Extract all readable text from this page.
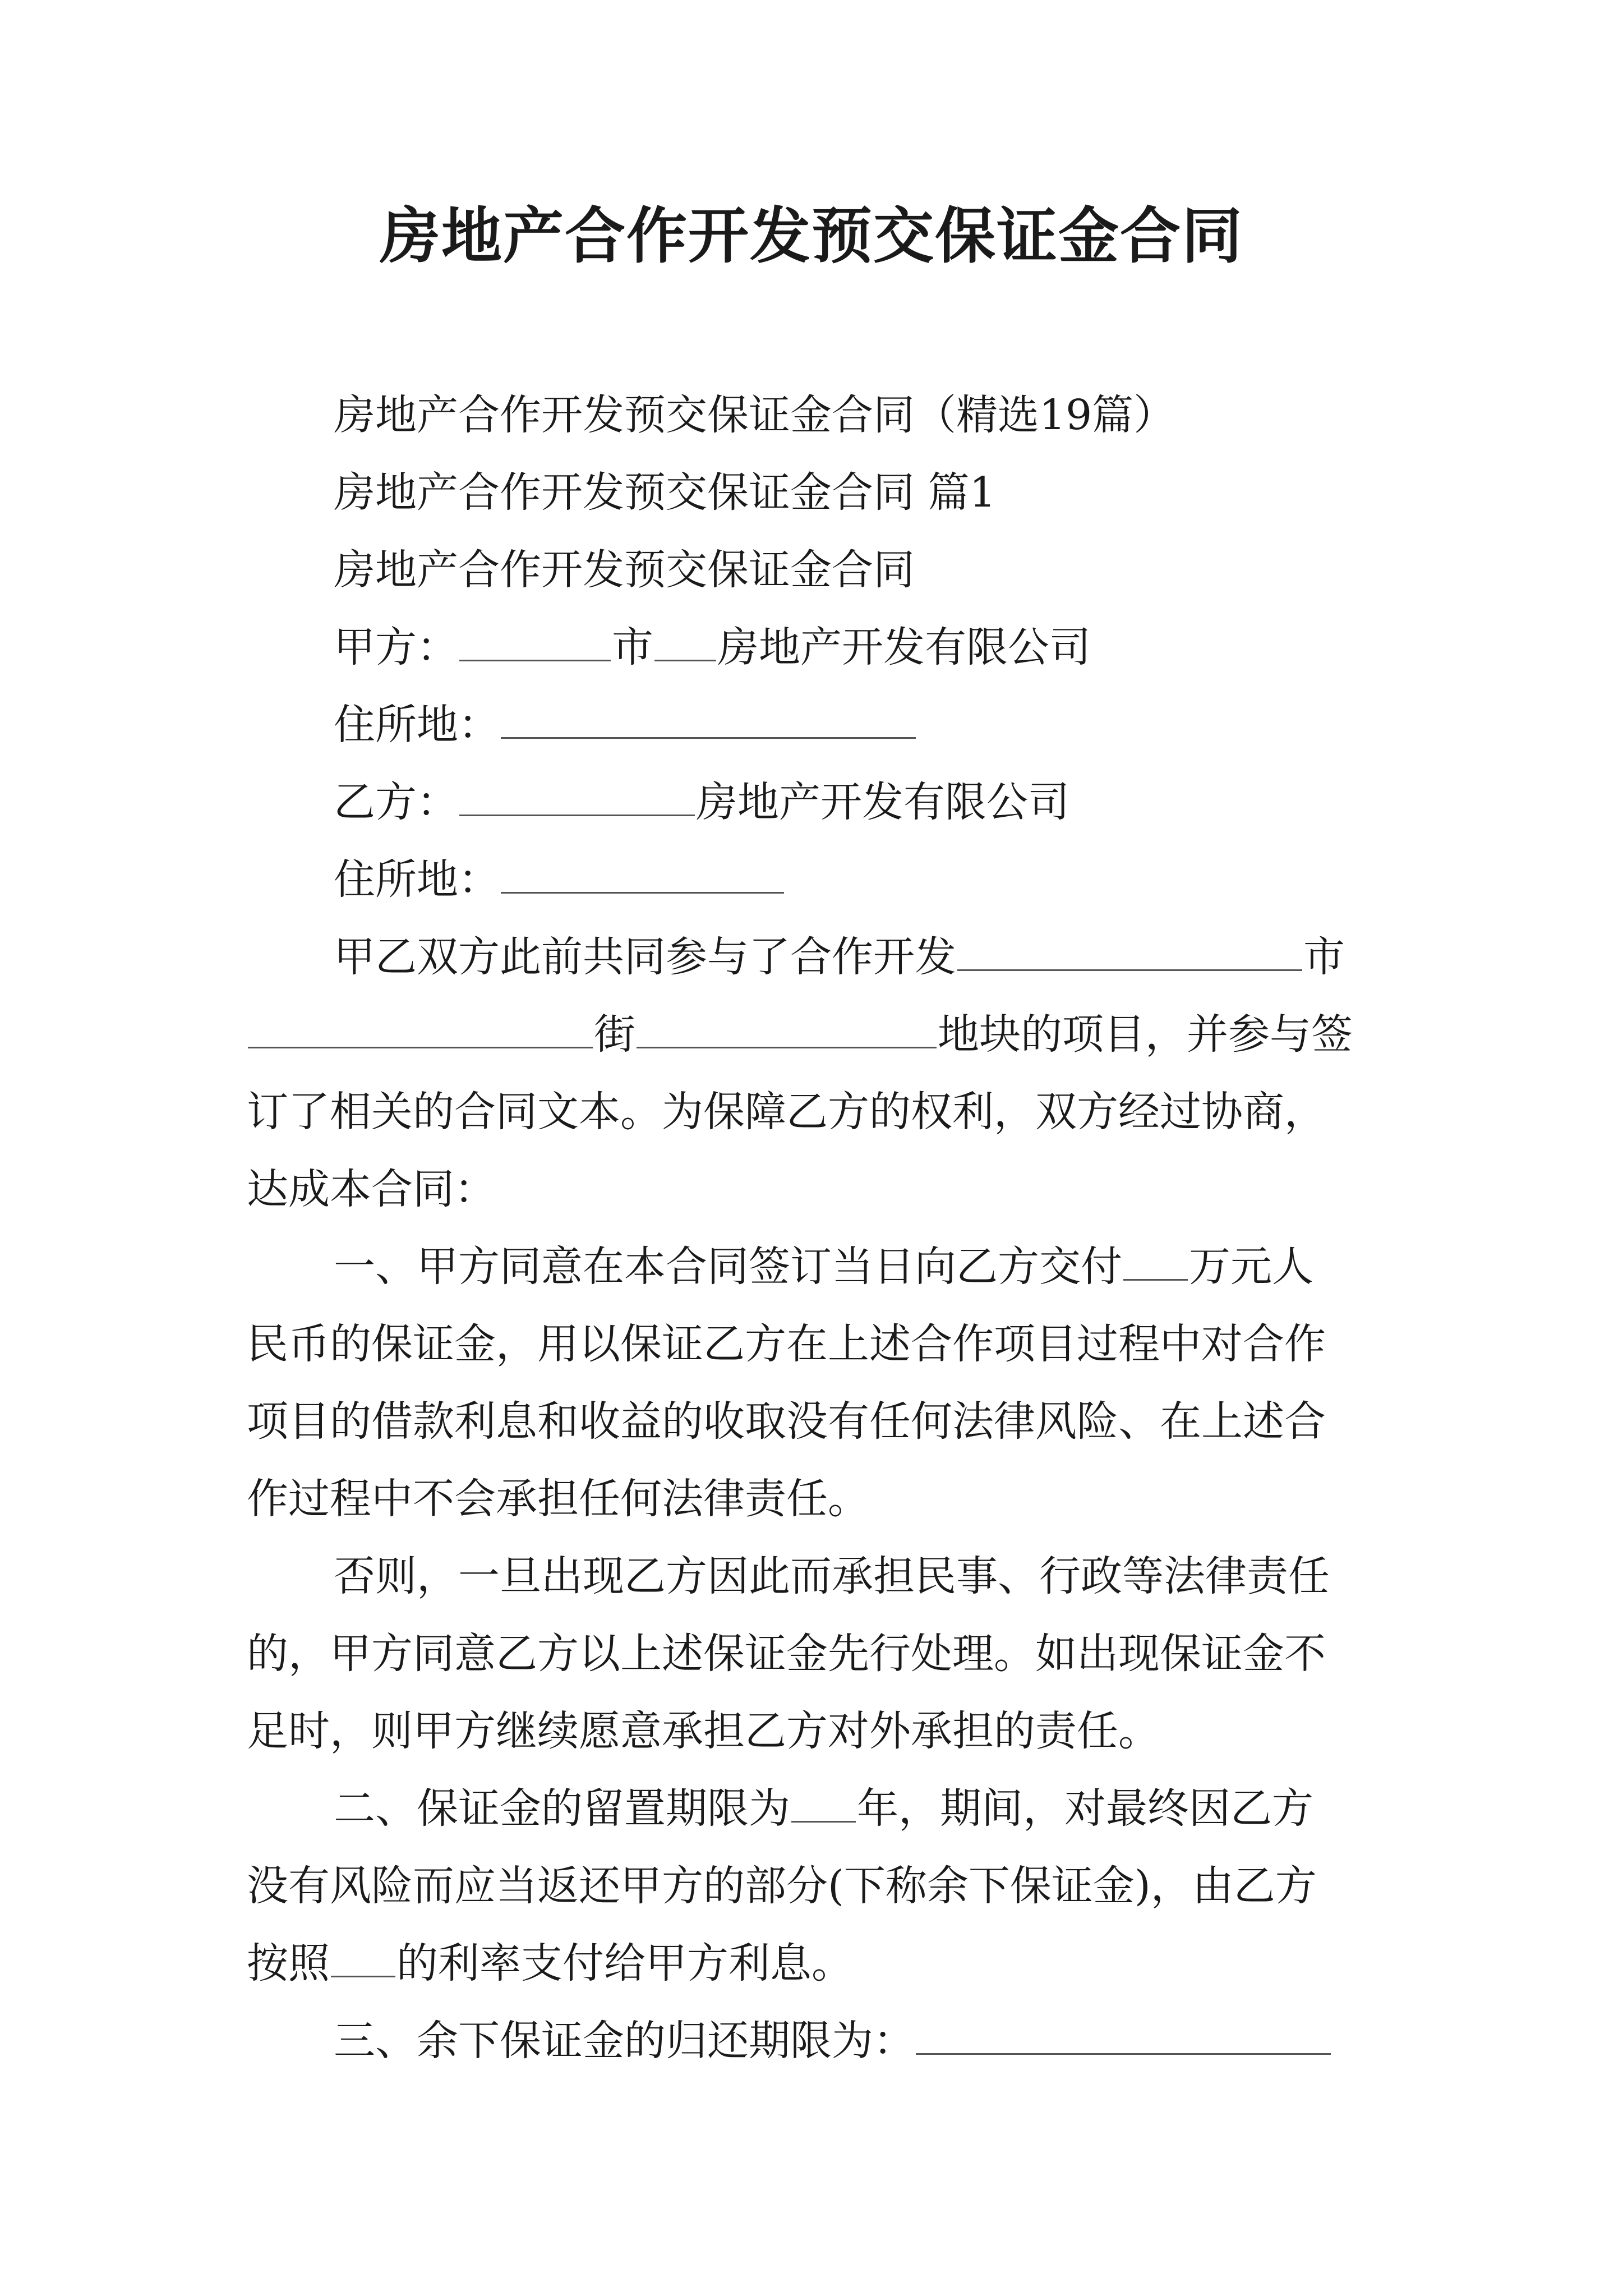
房地产合作开发预交保证金合同
房地产合作开发预交保证金合同（精选19篇）
房地产合作开发预交保证金合同 篇1
房地产合作开发预交保证金合同
甲方：	市 房地产开发有限公司
住所地：
乙方：	房地产开发有限公司
住所地：
甲乙双方此前共同参与了合作开发	市
街	地块的项目，并参与签
订了相关的合同文本。为保障乙方的权利，双方经过协商，
达成本合同：
一、甲方同意在本合同签订当日向乙方交付 万元人
民币的保证金，用以保证乙方在上述合作项目过程中对合作
项目的借款利息和收益的收取没有任何法律风险、在上述合
作过程中不会承担任何法律责任。
否则，一旦出现乙方因此而承担民事、行政等法律责任
的，甲方同意乙方以上述保证金先行处理。如出现保证金不
足时，则甲方继续愿意承担乙方对外承担的责任。
二、保证金的留置期限为 年，期间，对最终因乙方
没有风险而应当返还甲方的部分(下称余下保证金)，由乙方
按照 的利率支付给甲方利息。
三、余下保证金的归还期限为：
